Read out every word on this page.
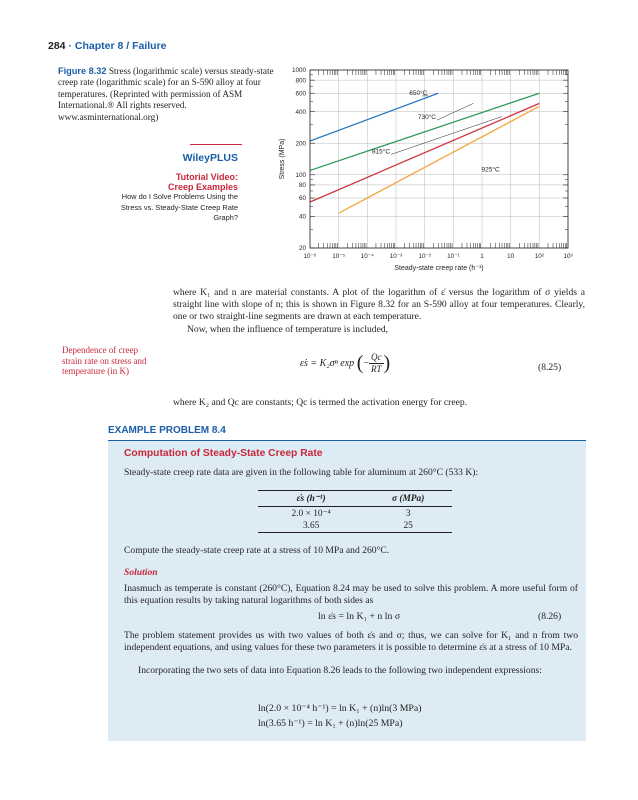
284 · Chapter 8 / Failure
Figure 8.32 Stress (logarithmic scale) versus steady-state creep rate (logarithmic scale) for an S-590 alloy at four temperatures. (Reprinted with permission of ASM International.® All rights reserved. www.asminternational.org)
WileyPLUS
Tutorial Video:
Creep Examples
How do I Solve Problems Using the Stress vs. Steady-State Creep Rate Graph?
10⁻⁶ 10⁻⁵ 10⁻⁴	10⁻³	10⁻²	10⁻¹	1	10	10²	10³
20
40
60
80
100
200
400
600
800
1000
650°C
730°C
815°C
925°C
Steady-state creep rate (h⁻¹)
Stress (MPa)
where K₁ and n are material constants. A plot of the logarithm of ε̇ versus the logarithm of σ yields a straight line with slope of n; this is shown in Figure 8.32 for an S-590 alloy at four temperatures. Clearly, one or two straight-line segments are drawn at each temperature.
Now, when the influence of temperature is included,
Dependence of creep strain rate on stress and temperature (in K)
ε̇s = K₂σⁿ exp (− $\frac{Qc}{RT}$ )	(8.25)
where K₂ and Qc are constants; Qc is termed the activation energy for creep.
EXAMPLE PROBLEM 8.4
Computation of Steady-State Creep Rate
Steady-state creep rate data are given in the following table for aluminum at 260°C (533 K):
ε̇s (h⁻¹)	σ (MPa)
2.0 × 10⁻⁴	3
3.65	25
Compute the steady-state creep rate at a stress of 10 MPa and 260°C.
Solution
Inasmuch as temperate is constant (260°C), Equation 8.24 may be used to solve this problem. A more useful form of this equation results by taking natural logarithms of both sides as
ln ε̇s = ln K₁ + n ln σ	(8.26)
The problem statement provides us with two values of both ε̇s and σ; thus, we can solve for K₁ and n from two independent equations, and using values for these two parameters it is possible to determine ε̇s at a stress of 10 MPa.
Incorporating the two sets of data into Equation 8.26 leads to the following two independent expressions:
ln(2.0 × 10⁻⁴ h⁻¹) = ln K₁ + (n)ln(3 MPa)
ln(3.65 h⁻¹) = ln K₁ + (n)ln(25 MPa)
